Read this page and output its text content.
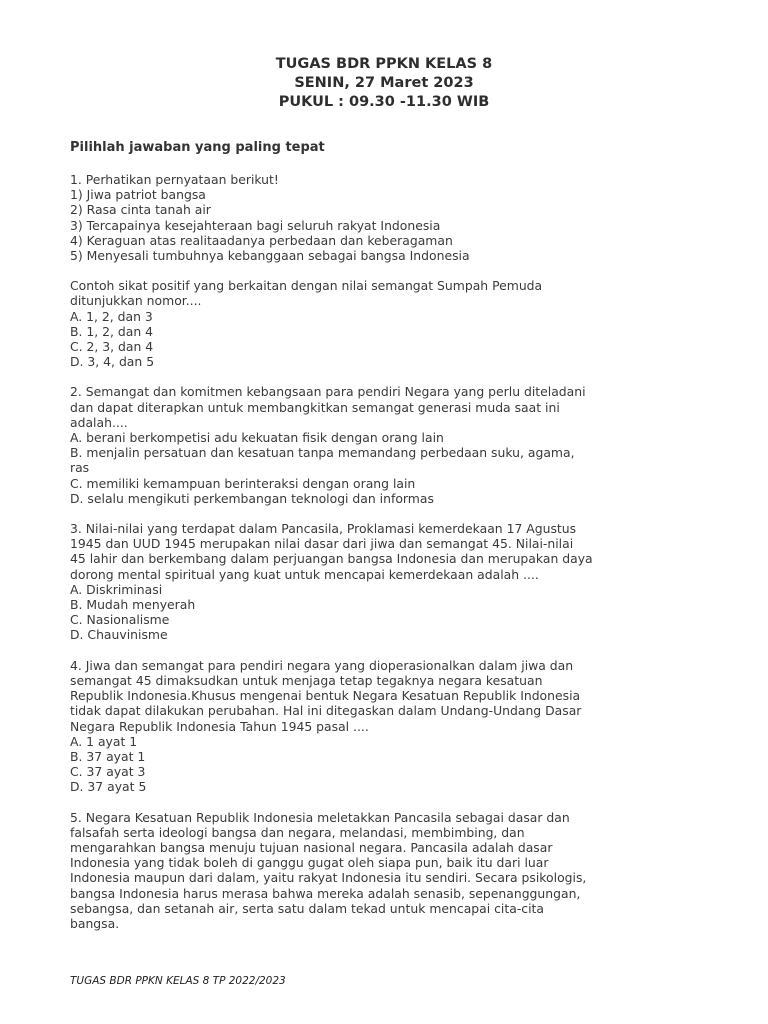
TUGAS BDR PPKN KELAS 8
SENIN, 27 Maret 2023
PUKUL : 09.30 -11.30 WIB
Pilihlah jawaban yang paling tepat
1. Perhatikan pernyataan berikut!
1) Jiwa patriot bangsa
2) Rasa cinta tanah air
3) Tercapainya kesejahteraan bagi seluruh rakyat Indonesia
4) Keraguan atas realitaadanya perbedaan dan keberagaman
5) Menyesali tumbuhnya kebanggaan sebagai bangsa Indonesia
Contoh sikat positif yang berkaitan dengan nilai semangat Sumpah Pemuda
ditunjukkan nomor....
A. 1, 2, dan 3
B. 1, 2, dan 4
C. 2, 3, dan 4
D. 3, 4, dan 5
2. Semangat dan komitmen kebangsaan para pendiri Negara yang perlu diteladani
dan dapat diterapkan untuk membangkitkan semangat generasi muda saat ini
adalah....
A. berani berkompetisi adu kekuatan fisik dengan orang lain
B. menjalin persatuan dan kesatuan tanpa memandang perbedaan suku, agama,
ras
C. memiliki kemampuan berinteraksi dengan orang lain
D. selalu mengikuti perkembangan teknologi dan informas
3. Nilai-nilai yang terdapat dalam Pancasila, Proklamasi kemerdekaan 17 Agustus
1945 dan UUD 1945 merupakan nilai dasar dari jiwa dan semangat 45. Nilai-nilai
45 lahir dan berkembang dalam perjuangan bangsa Indonesia dan merupakan daya
dorong mental spiritual yang kuat untuk mencapai kemerdekaan adalah ....
A. Diskriminasi
B. Mudah menyerah
C. Nasionalisme
D. Chauvinisme
4. Jiwa dan semangat para pendiri negara yang dioperasionalkan dalam jiwa dan
semangat 45 dimaksudkan untuk menjaga tetap tegaknya negara kesatuan
Republik Indonesia.Khusus mengenai bentuk Negara Kesatuan Republik Indonesia
tidak dapat dilakukan perubahan. Hal ini ditegaskan dalam Undang-Undang Dasar
Negara Republik Indonesia Tahun 1945 pasal ....
A. 1 ayat 1
B. 37 ayat 1
C. 37 ayat 3
D. 37 ayat 5
5. Negara Kesatuan Republik Indonesia meletakkan Pancasila sebagai dasar dan
falsafah serta ideologi bangsa dan negara, melandasi, membimbing, dan
mengarahkan bangsa menuju tujuan nasional negara. Pancasila adalah dasar
Indonesia yang tidak boleh di ganggu gugat oleh siapa pun, baik itu dari luar
Indonesia maupun dari dalam, yaitu rakyat Indonesia itu sendiri. Secara psikologis,
bangsa Indonesia harus merasa bahwa mereka adalah senasib, sepenanggungan,
sebangsa, dan setanah air, serta satu dalam tekad untuk mencapai cita-cita
bangsa.
TUGAS BDR PPKN KELAS 8 TP 2022/2023
